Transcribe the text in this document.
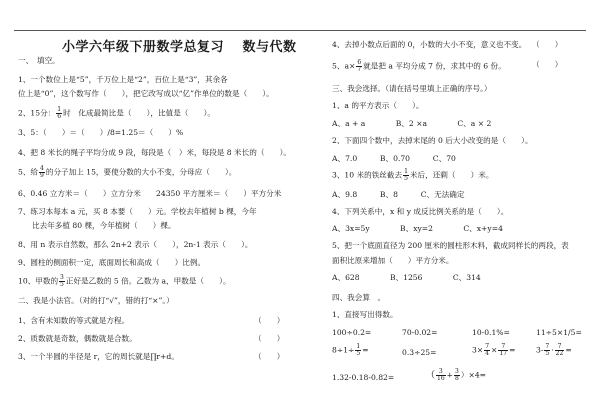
小学六年级下册数学总复习　 数与代数
一、　填空。
1、一个数位上是“5”，千万位上是“2”，百位上是“3”，其余各
位上是“0”，这个数写作（　　），把它改写成以“亿”作单位的数是（　　）。
2、15分： $\frac{1}{6}$ 时　化成最简比是（　　），比值是（　　）。
3、5：（　　）＝（　　）/8=1.25＝（　　）%
4、把 8 米长的绳子平均分成 9 段，每段是（　）米，每段是 8 米长的（　　）。
5、给 $\frac{4}{9}$ 的分子加上 15，要使分数的大小不变，分母应（　　）。
6、0.46 立方米＝（　　）立方分米　　24350 平方厘米＝（　　）平方分米
7、练习本每本 a 元，买 8 本要（　　）元。学校去年植树 b 棵，今年
比去年多植 80 棵，今年植树（　　）棵。
8、用 n 表示自然数，那么 2n+2 表示（　　），2n-1 表示（　　）。
9、圆柱的侧面积一定，底面周长和高成（　　）比例。
10、甲数的 $\frac{3}{5}$ 正好是乙数的 5 倍。乙数为 a，甲数是（　　）。
二、我是小法官。（对的打“√”，错的打“×”。）
1、含有未知数的等式就是方程。	（　　）
2、质数就是奇数，偶数就是合数。	（　　）
3、一个半圆的半径是 r，它的周长就是∏r+d。	（　　）
4、去掉小数点后面的 0，小数的大小不变，意义也不变。 （　　）
5、$a\times \frac{6}{7}$ 就是把 a 平均分成 7 份，求其中的 6 份。	（　　）
三、我会选择。（请在括号里填上正确的序号。）
1、a 的平方表示（　　）。
A、a + a　　　　B、2 ×a　　　　C、a × 2
2、下面四个数中，去掉末尾的 0 后大小改变的是（　　）。
A、7.0　　　B、0.70　　　C、70
3、10 米的铁丝截去 $\frac{1}{5}$ 米后，还剩（　　）米。
A、9.8　　　B、8　　　C、无法确定
4、下列关系中，x 和 y 成反比例关系的是（　　）。
A、3x=5y　　　　B、xy=2　　　　C、x+y=4
5、把一个底面直径为 200 厘米的圆柱形木料，截成同样长的两段，表
面积比原来增加（　　）平方分米。
A、628　　　　B、1256　　　　C、314
四、我会算　。
1、直接写出得数。
100÷0.2=	70-0.02=	10-0.1%=	11÷5×1/5=
$8\div 1\div \frac{1}{5}$ =	0.3÷25=	$3\times \frac{7}{4} \times \frac{7}{17}$ =	$3- \frac{7}{5} \cdot \frac{7}{22}$ =
1.32-0.18-0.82=	（ $\frac{3}{16} + \frac{3}{8} )\times 4=$
